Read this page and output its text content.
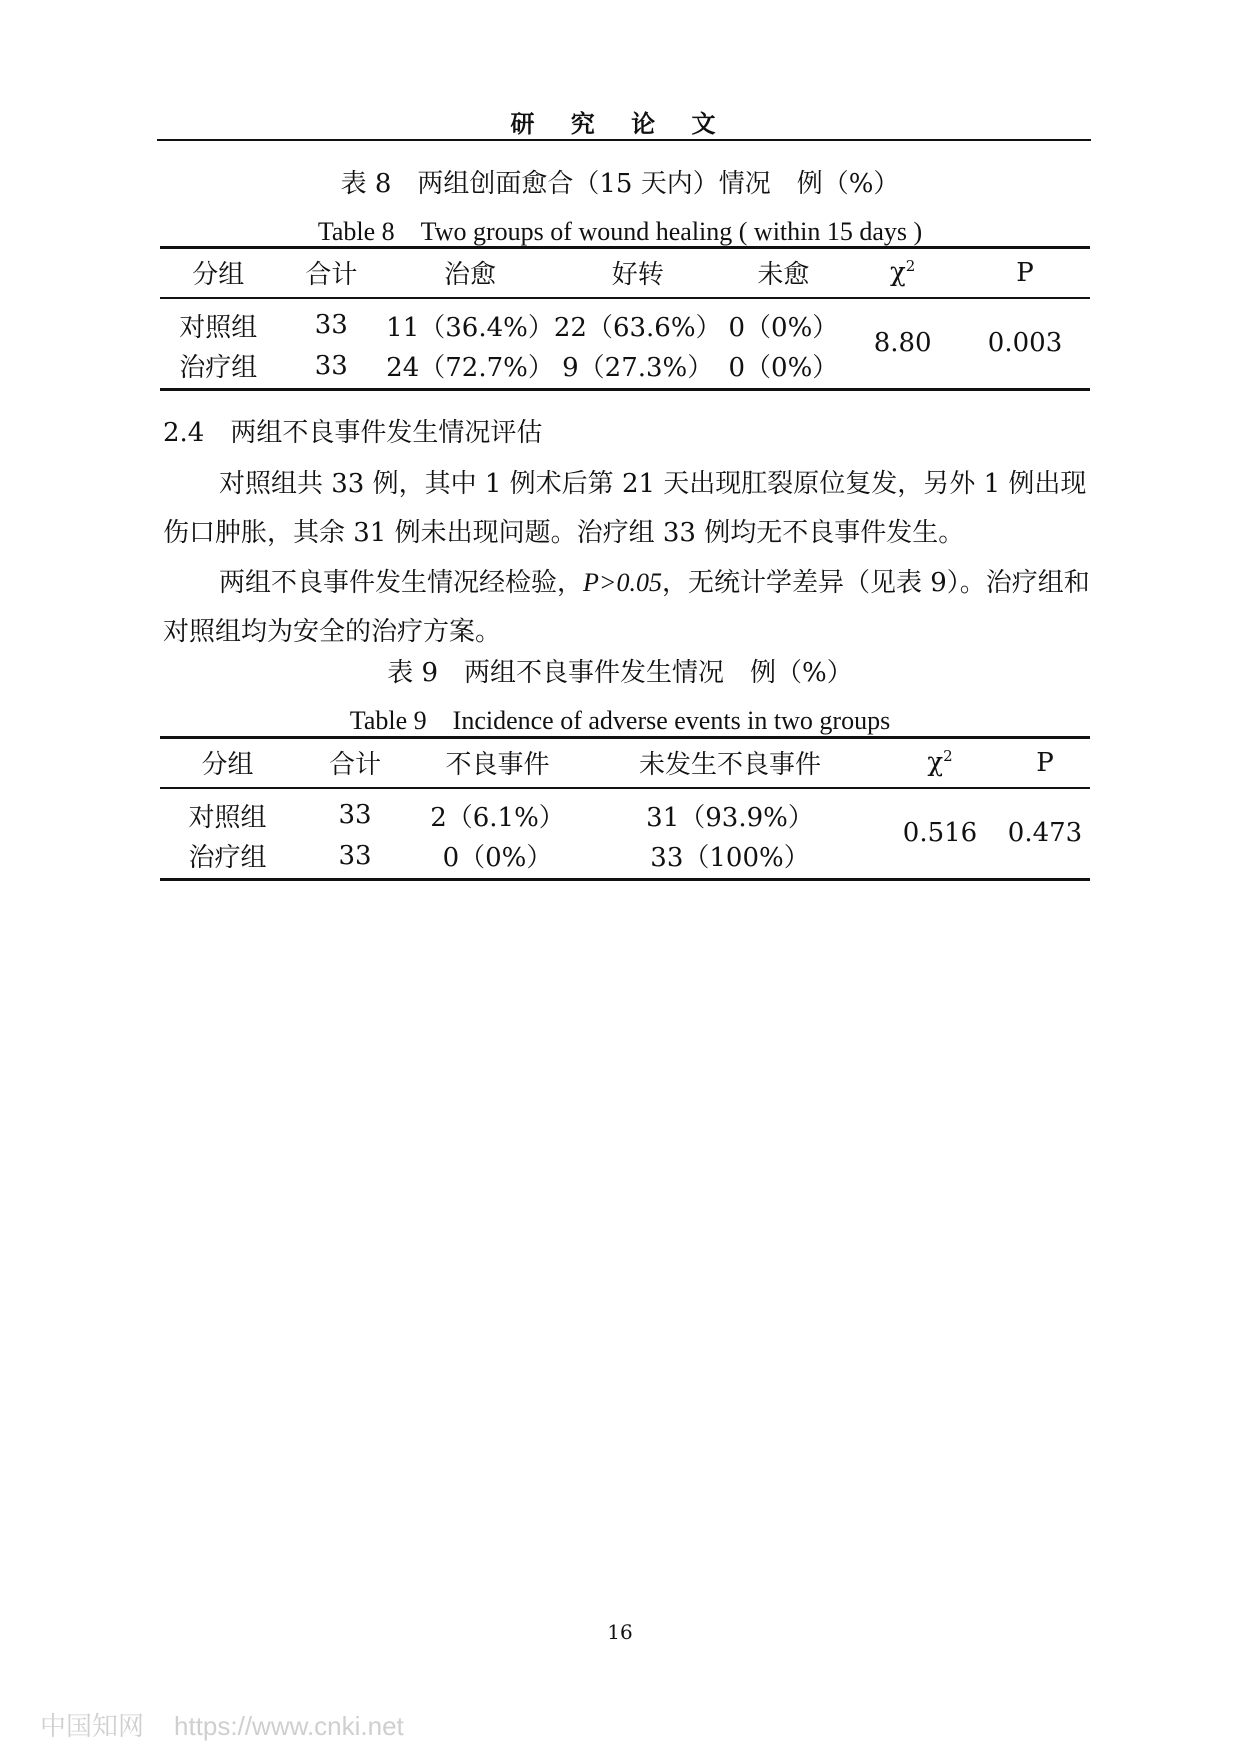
研 究 论 文
表 8　两组创面愈合（15 天内）情况　例（%）
Table 8　Two groups of wound healing ( within 15 days )
分组	合计	治愈	好转	未愈	$\chi^2$	P
对照组	33	11（36.4%）	22（63.6%）	0（0%）	8.80	0.003
治疗组	33	24（72.7%）	9（27.3%）	0（0%）		
2.4　两组不良事件发生情况评估
对照组共 33 例，其中 1 例术后第 21 天出现肛裂原位复发，另外 1 例出现伤口肿胀，其余 31 例未出现问题。治疗组 33 例均无不良事件发生。
两组不良事件发生情况经检验，P>0.05，无统计学差异（见表 9）。治疗组和对照组均为安全的治疗方案。
表 9　两组不良事件发生情况　例（%）
Table 9　Incidence of adverse events in two groups
分组	合计	不良事件	未发生不良事件	$\chi^2$	P
对照组	33	2（6.1%）	31（93.9%）	0.516	0.473
治疗组	33	0（0%）	33（100%）		
16
中国知网 https://www.cnki.net
